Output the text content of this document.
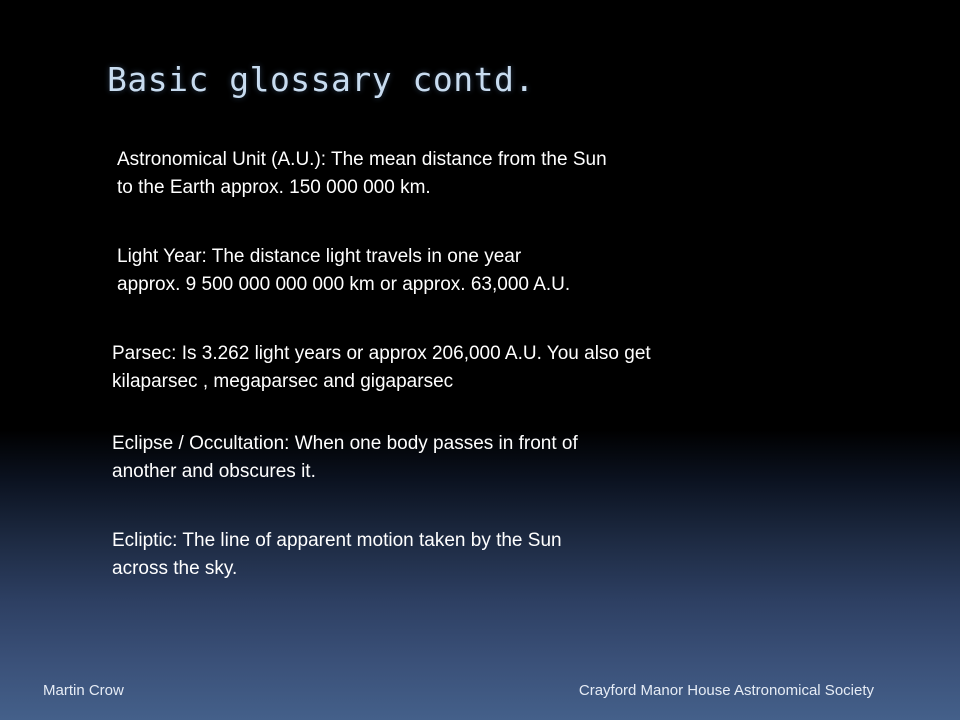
Basic glossary contd.
Astronomical Unit (A.U.): The mean distance from the Sun
to the Earth approx. 150 000 000 km.
Light Year: The distance light travels in one year
approx. 9 500 000 000 000 km or approx. 63,000 A.U.
Parsec: Is 3.262 light years or approx 206,000 A.U. You also get
kilaparsec , megaparsec and gigaparsec
Eclipse / Occultation: When one body passes in front of
another and obscures it.
Ecliptic: The line of apparent motion taken by the Sun
across the sky.
Martin Crow	Crayford Manor House Astronomical Society
